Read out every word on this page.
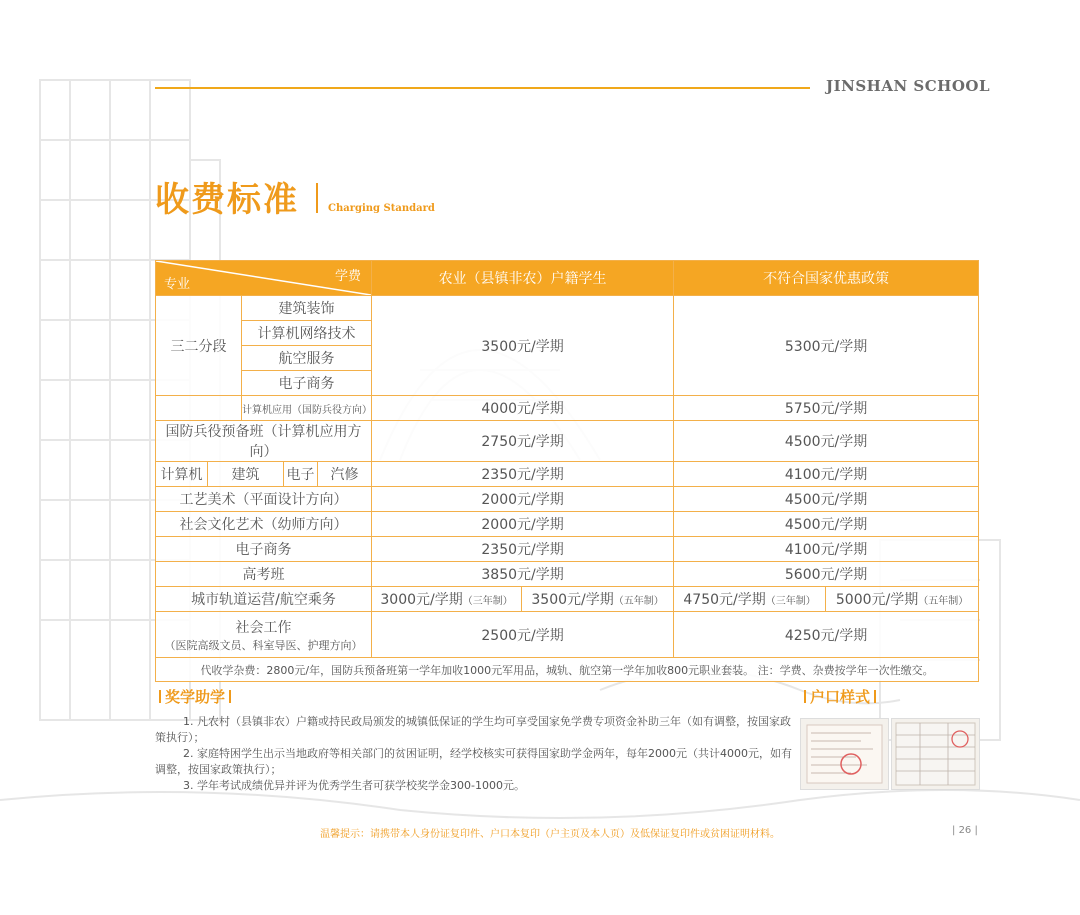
JINSHAN SCHOOL
收费标准	Charging Standard
学费
专业					农业（县镇非农）户籍学生		不符合国家优惠政策	
三二分段		建筑装饰			3500元/学期		5300元/学期	
		计算机网络技术						
		航空服务						
		电子商务						
		计算机应用（国防兵役方向）			4000元/学期		5750元/学期	
国防兵役预备班（计算机应用方向）					2750元/学期		4500元/学期	
计算机	建筑		电子	汽修	2350元/学期		4100元/学期	
工艺美术（平面设计方向）					2000元/学期		4500元/学期	
社会文化艺术（幼师方向）					2000元/学期		4500元/学期	
电子商务					2350元/学期		4100元/学期	
高考班					3850元/学期		5600元/学期	
城市轨道运营/航空乘务					3000元/学期（三年制）	3500元/学期（五年制）	4750元/学期（三年制）	5000元/学期（五年制）

社会工作
（医院高级文员、科室导医、护理方向）					2500元/学期		4250元/学期	
代收学杂费：2800元/年，国防兵预备班第一学年加收1000元军用品，城轨、航空第一学年加收800元职业套装。 注：学费、杂费按学年一次性缴交。								
奖学助学

1. 凡农村（县镇非农）户籍或持民政局颁发的城镇低保证的学生均可享受国家免学费专项资金补助三年（如有调整，按国家政策执行）；

2. 家庭特困学生出示当地政府等相关部门的贫困证明，经学校核实可获得国家助学金两年，每年2000元（共计4000元，如有调整，按国家政策执行）；

3. 学年考试成绩优异并评为优秀学生者可获学校奖学金300-1000元。

户口样式
温馨提示：请携带本人身份证复印件、户口本复印（户主页及本人页）及低保证复印件或贫困证明材料。	| 26 |
